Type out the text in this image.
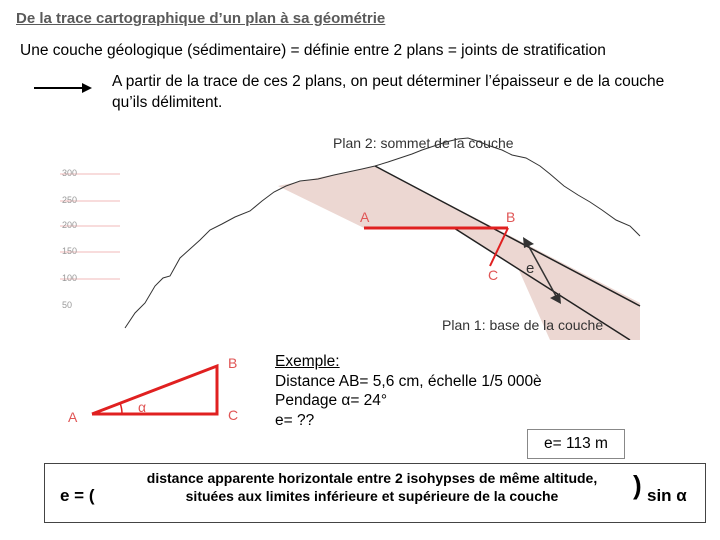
De la trace cartographique d’un plan à sa géométrie
Une couche géologique (sédimentaire) = définie entre 2 plans = joints de stratification
A partir de la trace de ces 2 plans, on peut déterminer l’épaisseur e de la couche qu’ils délimitent.
300
250
200
150
100
50
Plan 2: sommet de la couche
Plan 1: base de la couche
A	B
C e
B
A	C
α
Exemple:
Distance AB= 5,6 cm, échelle 1/5 000è
Pendage α= 24°
e= ??
e= 113 m
e = (
distance apparente horizontale entre 2 isohypses de même altitude,
situées aux limites inférieure et supérieure de la couche	) sin α
